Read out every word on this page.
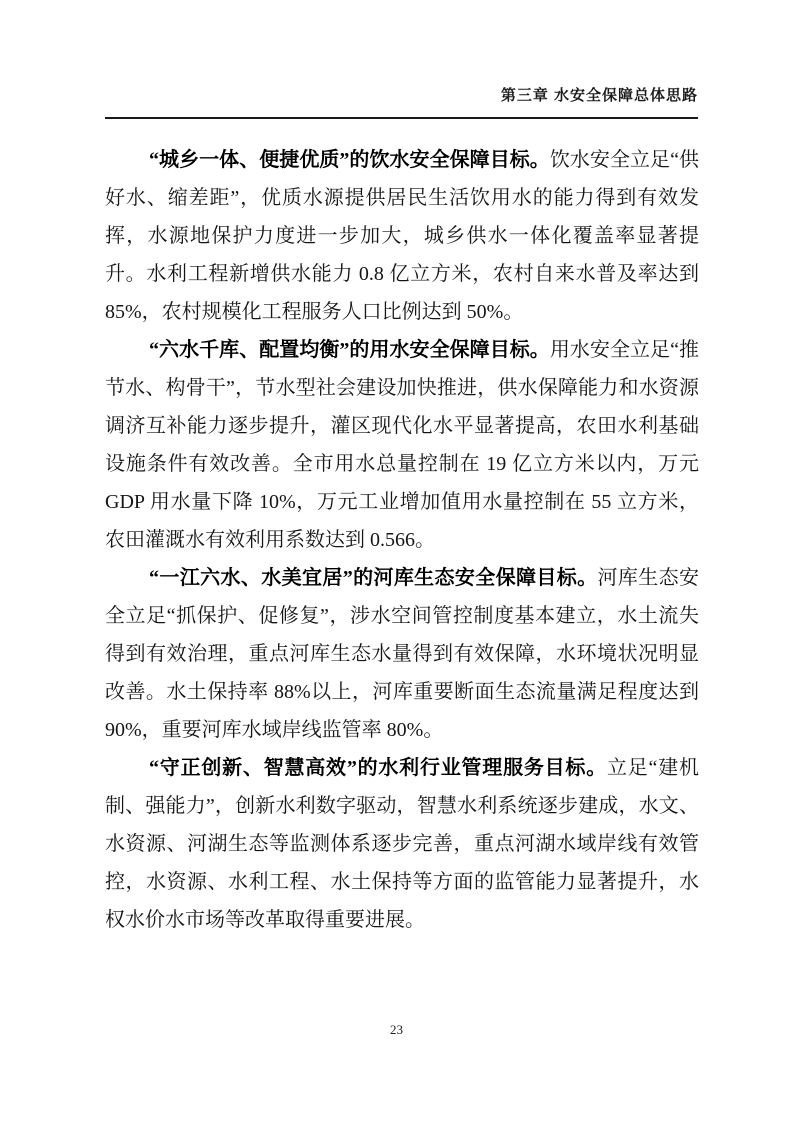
第三章 水安全保障总体思路

“城乡一体、便捷优质”的饮水安全保障目标。饮水安全立足“供好水、缩差距”，优质水源提供居民生活饮用水的能力得到有效发挥，水源地保护力度进一步加大，城乡供水一体化覆盖率显著提升。水利工程新增供水能力 0.8 亿立方米，农村自来水普及率达到 85%，农村规模化工程服务人口比例达到 50%。

“六水千库、配置均衡”的用水安全保障目标。用水安全立足“推节水、构骨干”，节水型社会建设加快推进，供水保障能力和水资源调济互补能力逐步提升，灌区现代化水平显著提高，农田水利基础设施条件有效改善。全市用水总量控制在 19 亿立方米以内，万元 GDP 用水量下降 10%，万元工业增加值用水量控制在 55 立方米，农田灌溉水有效利用系数达到 0.566。

“一江六水、水美宜居”的河库生态安全保障目标。河库生态安全立足“抓保护、促修复”，涉水空间管控制度基本建立，水土流失得到有效治理，重点河库生态水量得到有效保障，水环境状况明显改善。水土保持率 88%以上，河库重要断面生态流量满足程度达到 90%，重要河库水域岸线监管率 80%。

“守正创新、智慧高效”的水利行业管理服务目标。立足“建机制、强能力”，创新水利数字驱动，智慧水利系统逐步建成，水文、水资源、河湖生态等监测体系逐步完善，重点河湖水域岸线有效管控，水资源、水利工程、水土保持等方面的监管能力显著提升，水权水价水市场等改革取得重要进展。

23
